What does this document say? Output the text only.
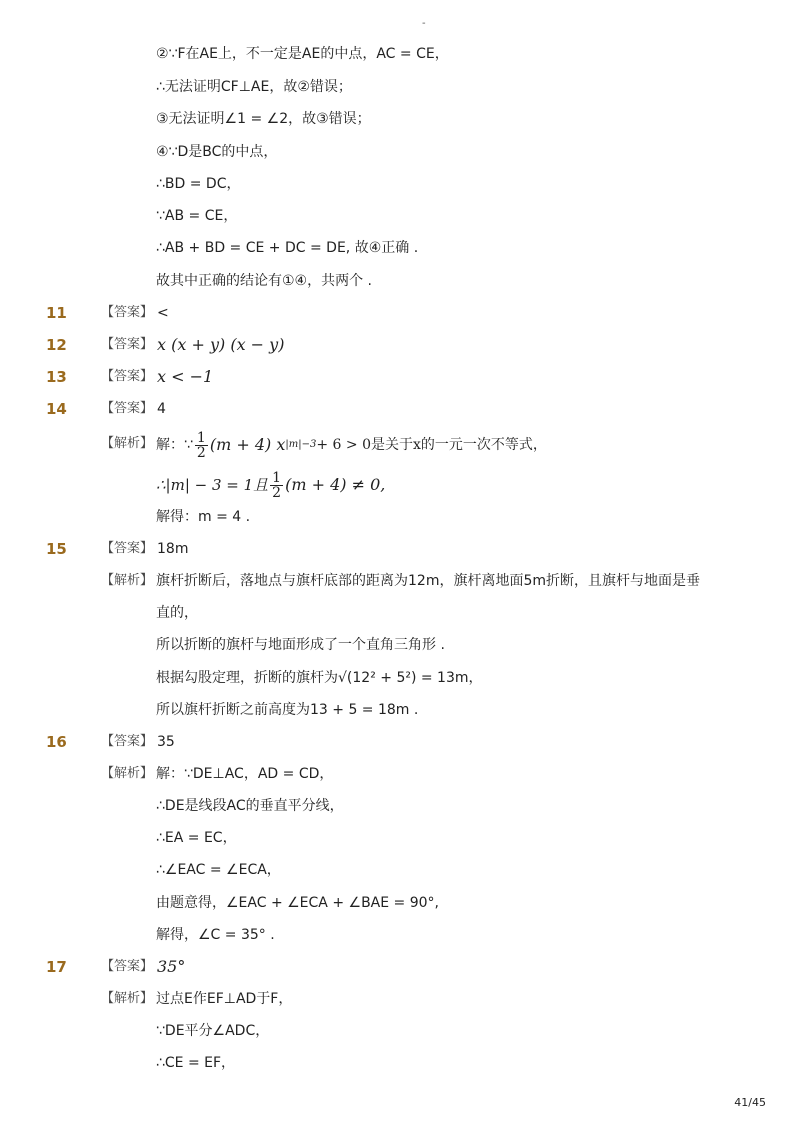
-
②∵F在AE上，不一定是AE的中点，AC = CE，
∴无法证明CF⊥AE，故②错误；
③无法证明∠1 = ∠2，故③错误；
④∵D是BC的中点，
∴BD = DC，
∵AB = CE，
∴AB + BD = CE + DC = DE, 故④正确 .
故其中正确的结论有①④，共两个 .
11	【答案】 <
12	【答案】 x (x + y) (x − y)
13	【答案】 x < −1
14	【答案】 4
【解析】 解：∵ $\frac{1}{2} (m + 4)$ x |m|−3 + 6 > 0是关于x的一元一次不等式，
∴|m| − 3 = 1且 $\frac{1}{2} (m + 4) \ne 0$,
解得：m = 4 .
15	【答案】 18m
【解析】 旗杆折断后，落地点与旗杆底部的距离为12m，旗杆离地面5m折断，且旗杆与地面是垂
直的，
所以折断的旗杆与地面形成了一个直角三角形 .
根据勾股定理，折断的旗杆为√(12² + 5²) = 13m，
所以旗杆折断之前高度为13 + 5 = 18m .
16	【答案】 35
【解析】 解：∵DE⊥AC，AD = CD，
∴DE是线段AC的垂直平分线，
∴EA = EC，
∴∠EAC = ∠ECA，
由题意得，∠EAC + ∠ECA + ∠BAE = 90°,
解得，∠C = 35° .
17	【答案】 35°
【解析】 过点E作EF⊥AD于F，
∵DE平分∠ADC，
∴CE = EF，
41/45
